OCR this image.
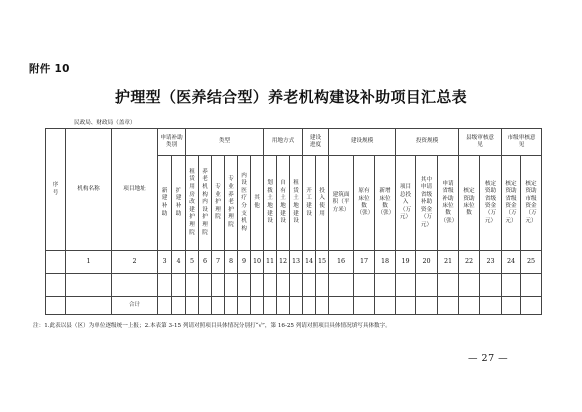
附件 10
护理型（医养结合型）养老机构建设补助项目汇总表
民政局、财政局（盖章）
序号	机构名称	项目地址	申请补助类别		类型						用地方式			建设进度		建设规模			投资规模			县级审核意见		市级审核意见	

			新建补助	扩建补助	租赁用房改建护理院	养老机构内设护理院	专业护理院	专业养老护理院	内设医疗分支机构	其他	划拨土地建设	自有土地建设	租赁土地建设	开工建设	投入使用	建筑面积（平方米）	原有床位数（张）	新增床位数（张）	项目总投入（万元）	其中申请省级补助资金（万元）	申请省级补助床位数（张）	核定资助床位数	核定资助省级资金（万元）	核定资助省级资金（万元）	核定资助市级资金（万元）
	1	2	3	4	5	6	7	8	9	10	11	12	13	14	15	16	17	18	19	20	21	22	23	24	25

		合计																							
注：1.此表以县（区）为单位逐级统一上报；2.本表第 3-15 列请对照项目具体情况分别打“√”，第 16-25 列请对照项目具体情况填写具体数字。
— 27 —
